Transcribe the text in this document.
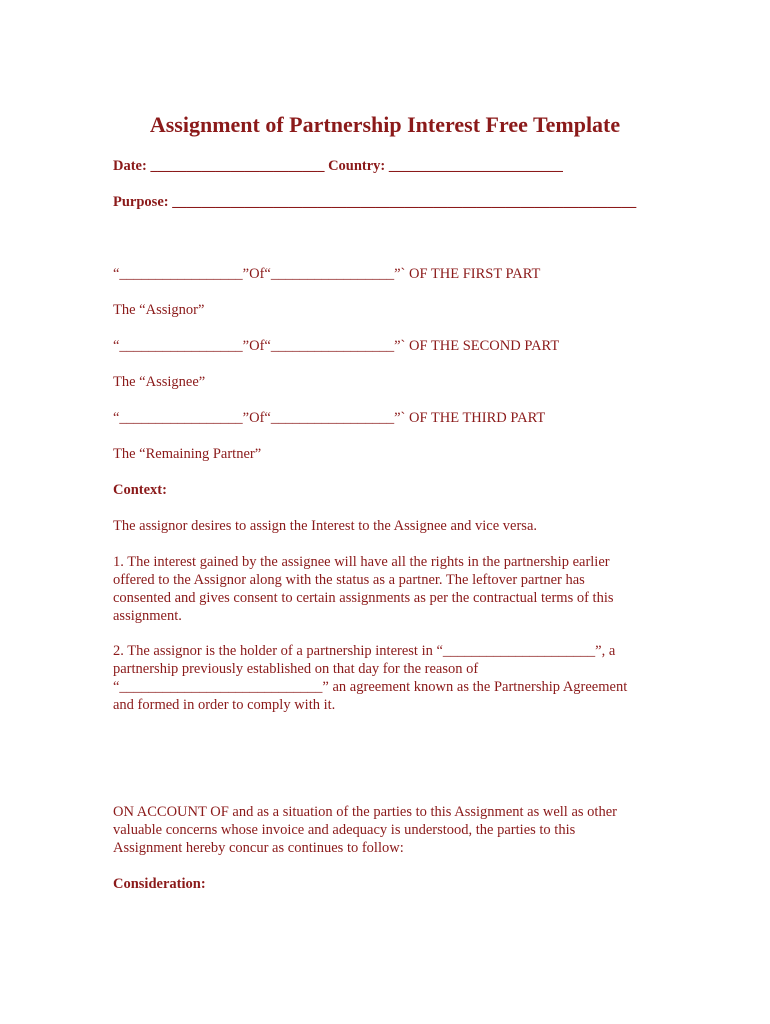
Assignment of Partnership Interest Free Template
Date: ________________________ Country: ________________________
Purpose: ________________________________________________________________
“_________________”Of“_________________”` OF THE FIRST PART
The “Assignor”
“_________________”Of“_________________”` OF THE SECOND PART
The “Assignee”
“_________________”Of“_________________”` OF THE THIRD PART
The “Remaining Partner”
Context:
The assignor desires to assign the Interest to the Assignee and vice versa.
1. The interest gained by the assignee will have all the rights in the partnership earlier
offered to the Assignor along with the status as a partner. The leftover partner has
consented and gives consent to certain assignments as per the contractual terms of this
assignment.
2. The assignor is the holder of a partnership interest in “_____________________”, a
partnership previously established on that day for the reason of
“____________________________” an agreement known as the Partnership Agreement
and formed in order to comply with it.
ON ACCOUNT OF and as a situation of the parties to this Assignment as well as other
valuable concerns whose invoice and adequacy is understood, the parties to this
Assignment hereby concur as continues to follow:
Consideration:
